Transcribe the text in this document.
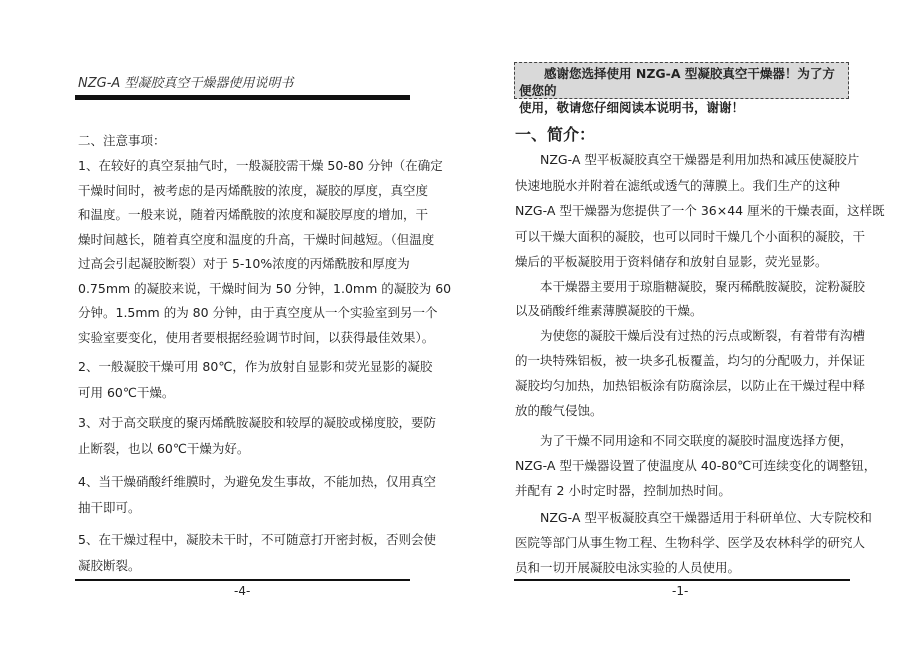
NZG-A 型凝胶真空干燥器使用说明书
二、注意事项：
1、在较好的真空泵抽气时，一般凝胶需干燥 50-80 分钟（在确定
干燥时间时，被考虑的是丙烯酰胺的浓度，凝胶的厚度，真空度
和温度。一般来说，随着丙烯酰胺的浓度和凝胶厚度的增加，干
燥时间越长，随着真空度和温度的升高，干燥时间越短。（但温度
过高会引起凝胶断裂）对于 5-10%浓度的丙烯酰胺和厚度为
0.75mm 的凝胶来说，干燥时间为 50 分钟，1.0mm 的凝胶为 60
分钟。1.5mm 的为 80 分钟，由于真空度从一个实验室到另一个
实验室要变化，使用者要根据经验调节时间，以获得最佳效果）。
2、一般凝胶干燥可用 80℃，作为放射自显影和荧光显影的凝胶
可用 60℃干燥。
3、对于高交联度的聚丙烯酰胺凝胶和较厚的凝胶或梯度胶，要防
止断裂，也以 60℃干燥为好。
4、当干燥硝酸纤维膜时，为避免发生事故，不能加热，仅用真空
抽干即可。
5、在干燥过程中，凝胶未干时，不可随意打开密封板，否则会使
凝胶断裂。
-4-
　　感谢您选择使用 NZG-A 型凝胶真空干燥器！为了方便您的
使用，敬请您仔细阅读本说明书，谢谢！
一、简介：
　　NZG-A 型平板凝胶真空干燥器是利用加热和减压使凝胶片
快速地脱水并附着在滤纸或透气的薄膜上。我们生产的这种
NZG-A 型干燥器为您提供了一个 36×44 厘米的干燥表面，这样既
可以干燥大面积的凝胶，也可以同时干燥几个小面积的凝胶，干
燥后的平板凝胶用于资料储存和放射自显影，荧光显影。
　　本干燥器主要用于琼脂糖凝胶，聚丙稀酰胺凝胶，淀粉凝胶
以及硝酸纤维素薄膜凝胶的干燥。
　　为使您的凝胶干燥后没有过热的污点或断裂，有着带有沟槽
的一块特殊铝板，被一块多孔板覆盖，均匀的分配吸力，并保证
凝胶均匀加热，加热铝板涂有防腐涂层，以防止在干燥过程中释
放的酸气侵蚀。
　　为了干燥不同用途和不同交联度的凝胶时温度选择方便，
NZG-A 型干燥器设置了使温度从 40-80℃可连续变化的调整钮，
并配有 2 小时定时器，控制加热时间。
　　NZG-A 型平板凝胶真空干燥器适用于科研单位、大专院校和
医院等部门从事生物工程、生物科学、医学及农林科学的研究人
员和一切开展凝胶电泳实验的人员使用。
-1-
